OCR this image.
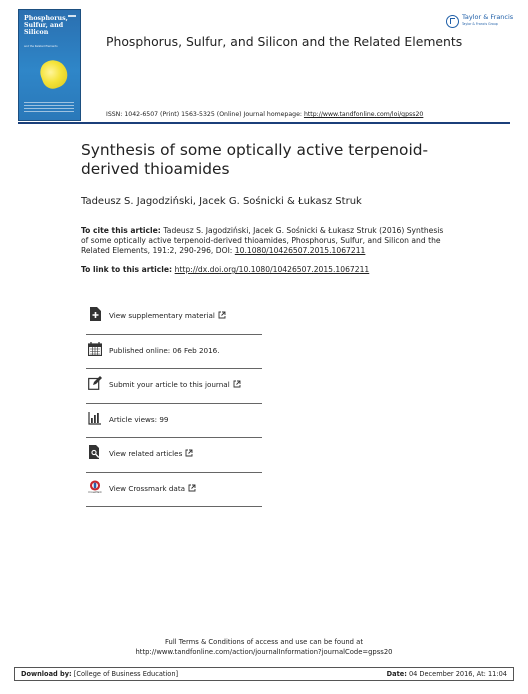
Phosphorus, Sulfur, and Silicon
and the Related Elements
Taylor & Francis
Taylor & Francis Group
Phosphorus, Sulfur, and Silicon and the Related Elements
ISSN: 1042-6507 (Print) 1563-5325 (Online) Journal homepage: http://www.tandfonline.com/loi/gpss20
Synthesis of some optically active terpenoid-derived thioamides
Tadeusz S. Jagodziński, Jacek G. Sośnicki & Łukasz Struk
To cite this article: Tadeusz S. Jagodziński, Jacek G. Sośnicki & Łukasz Struk (2016) Synthesis of some optically active terpenoid-derived thioamides, Phosphorus, Sulfur, and Silicon and the Related Elements, 191:2, 290-296, DOI: 10.1080/10426507.2015.1067211
To link to this article: http://dx.doi.org/10.1080/10426507.2015.1067211
View supplementary material
Published online: 06 Feb 2016.
Submit your article to this journal
Article views: 99
View related articles
CrossMark View Crossmark data
Full Terms & Conditions of access and use can be found at
http://www.tandfonline.com/action/journalInformation?journalCode=gpss20
Download by: [College of Business Education]	Date: 04 December 2016, At: 11:04
